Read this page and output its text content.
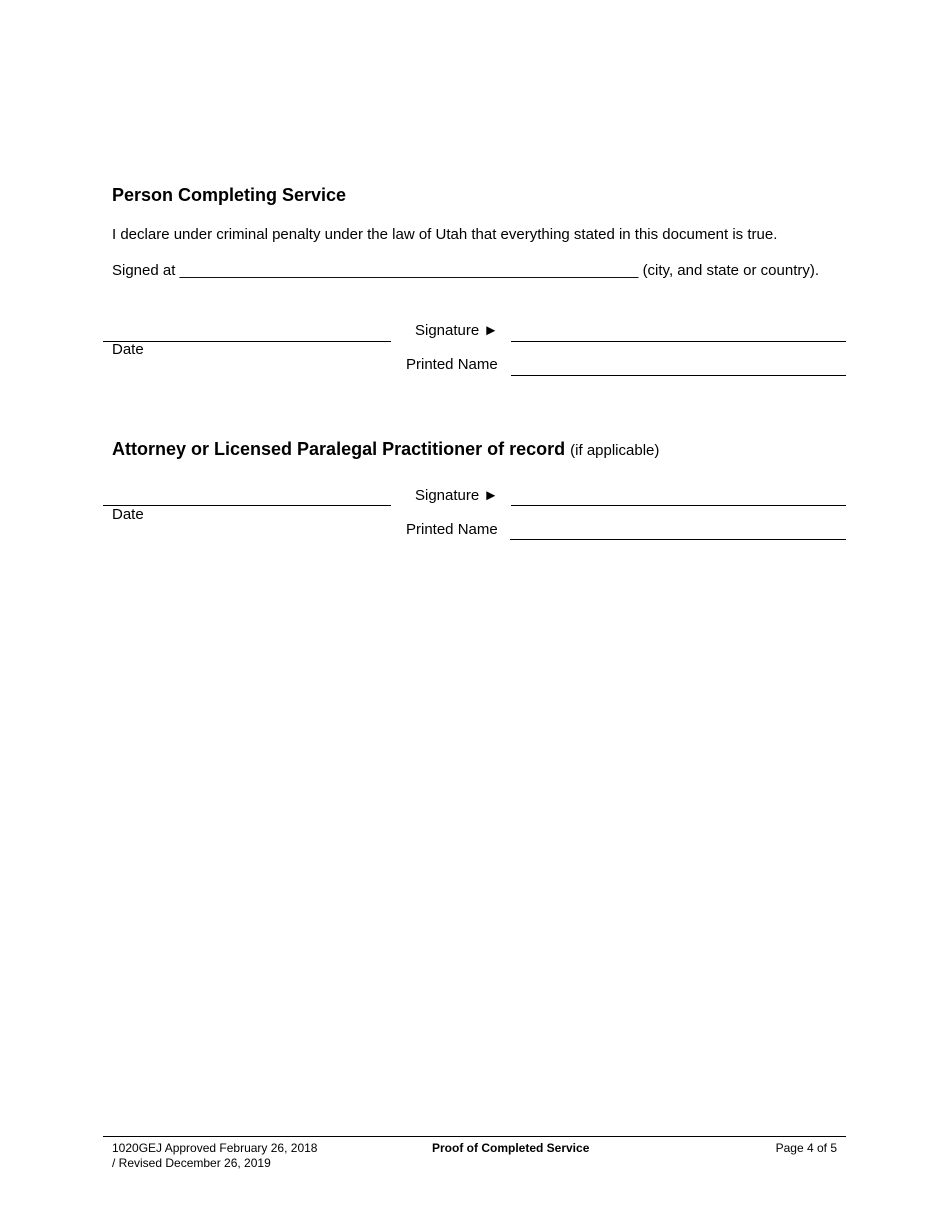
Person Completing Service
I declare under criminal penalty under the law of Utah that everything stated in this document is true.
Signed at _______________________________________________________ (city, and state or country).
Signature ►
Date
Printed Name
Attorney or Licensed Paralegal Practitioner of record (if applicable)
Signature ►
Date
Printed Name
1020GEJ Approved February 26, 2018
/ Revised December 26, 2019
Proof of Completed Service	Page 4 of 5
